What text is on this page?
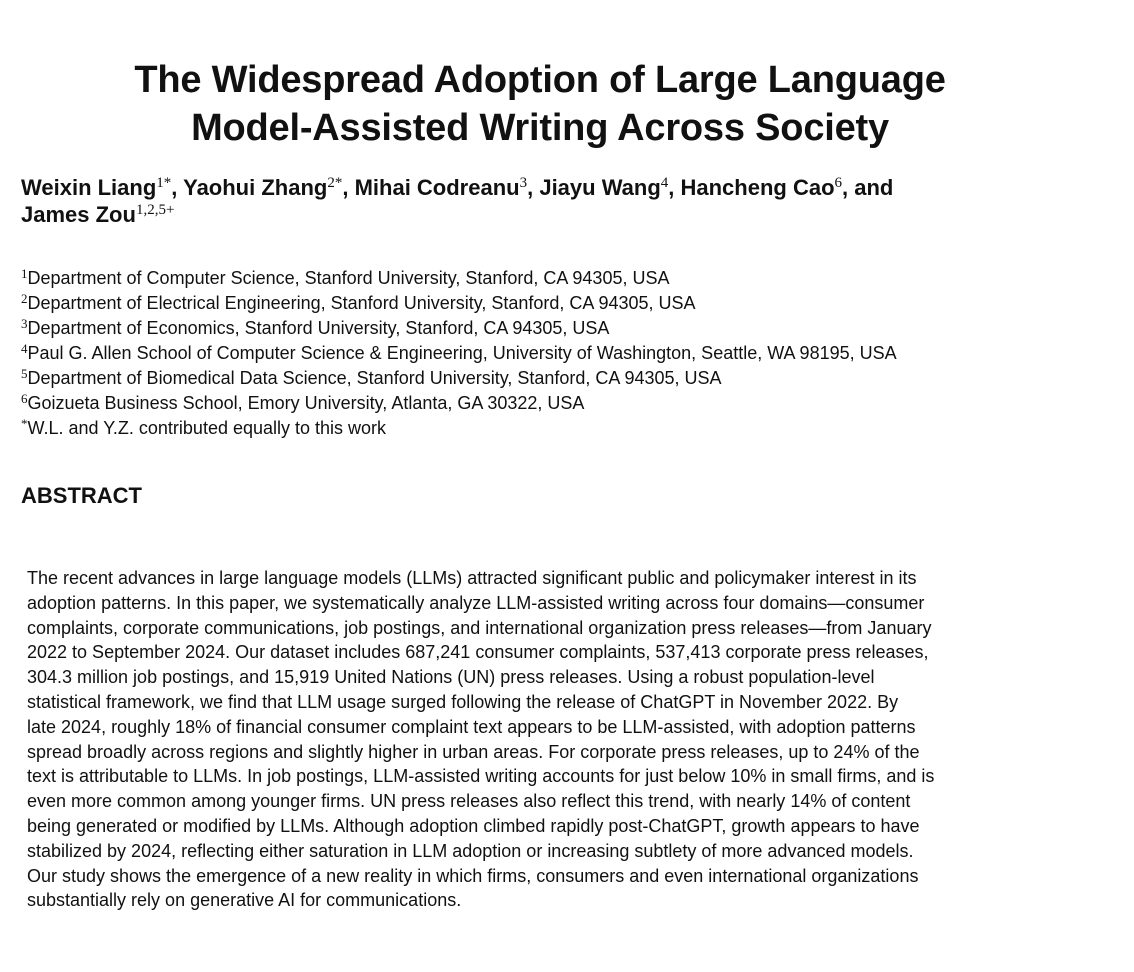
The Widespread Adoption of Large Language
Model-Assisted Writing Across Society

Weixin Liang$^{1*}$, Yaohui Zhang$^{2*}$, Mihai Codreanu$^3$, Jiayu Wang$^4$, Hancheng Cao$^6$, and
James Zou$^{1,2,5+}$

$^1$Department of Computer Science, Stanford University, Stanford, CA 94305, USA
$^2$Department of Electrical Engineering, Stanford University, Stanford, CA 94305, USA
$^3$Department of Economics, Stanford University, Stanford, CA 94305, USA
$^4$Paul G. Allen School of Computer Science & Engineering, University of Washington, Seattle, WA 98195, USA
$^5$Department of Biomedical Data Science, Stanford University, Stanford, CA 94305, USA
$^6$Goizueta Business School, Emory University, Atlanta, GA 30322, USA
*W.L. and Y.Z. contributed equally to this work
ABSTRACT

The recent advances in large language models (LLMs) attracted significant public and policymaker interest in its
adoption patterns. In this paper, we systematically analyze LLM-assisted writing across four domains—consumer
complaints, corporate communications, job postings, and international organization press releases—from January
2022 to September 2024. Our dataset includes 687,241 consumer complaints, 537,413 corporate press releases,
304.3 million job postings, and 15,919 United Nations (UN) press releases. Using a robust population-level
statistical framework, we find that LLM usage surged following the release of ChatGPT in November 2022. By
late 2024, roughly 18% of financial consumer complaint text appears to be LLM-assisted, with adoption patterns
spread broadly across regions and slightly higher in urban areas. For corporate press releases, up to 24% of the
text is attributable to LLMs. In job postings, LLM-assisted writing accounts for just below 10% in small firms, and is
even more common among younger firms. UN press releases also reflect this trend, with nearly 14% of content
being generated or modified by LLMs. Although adoption climbed rapidly post-ChatGPT, growth appears to have
stabilized by 2024, reflecting either saturation in LLM adoption or increasing subtlety of more advanced models.
Our study shows the emergence of a new reality in which firms, consumers and even international organizations
substantially rely on generative AI for communications.
